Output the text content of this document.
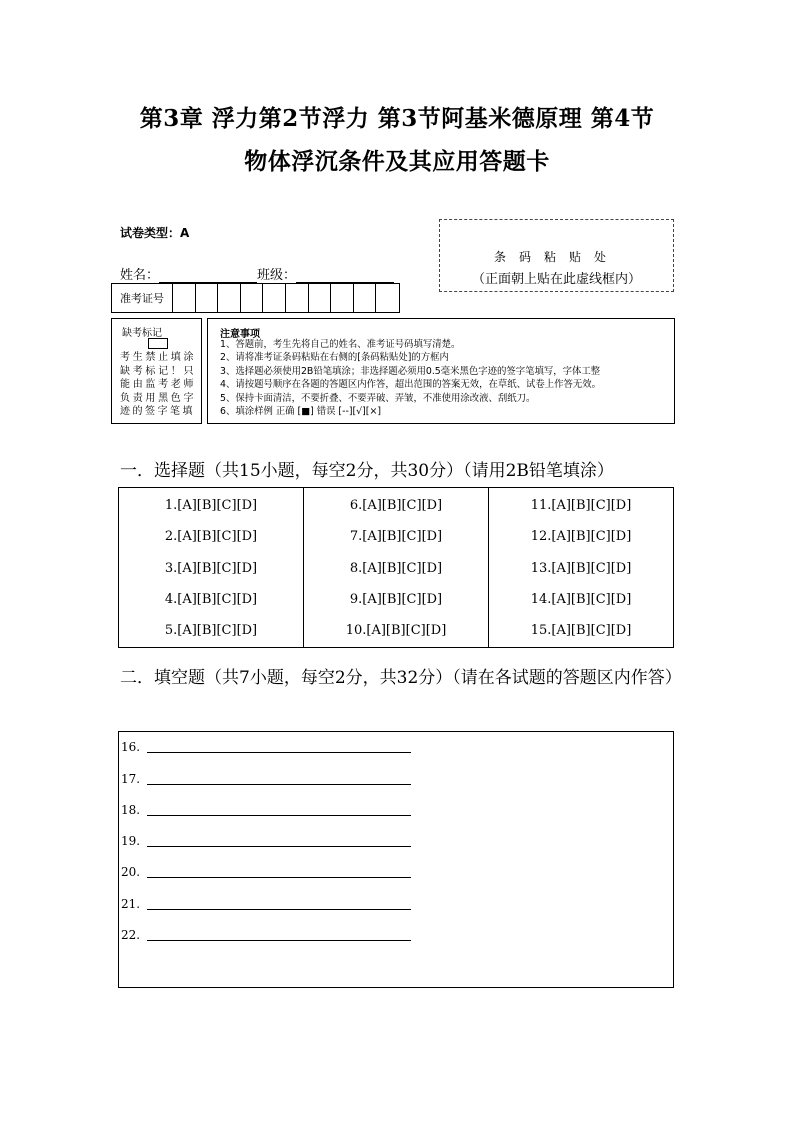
第3章 浮力第2节浮力 第3节阿基米德原理 第4节
物体浮沉条件及其应用答题卡
试卷类型：A
姓名：	班级：
条码粘贴处
（正面朝上贴在此虚线框内）
准考证号
缺考标记
考生禁止填涂缺考标记！只能由监考老师负责用黑色字迹的签字笔填
注意事项
1、答题前，考生先将自己的姓名、准考证号码填写清楚。
2、请将准考证条码粘贴在右侧的[条码粘贴处]的方框内
3、选择题必须使用2B铅笔填涂；非选择题必须用0.5毫米黑色字迹的签字笔填写，字体工整
4、请按题号顺序在各题的答题区内作答，超出范围的答案无效，在草纸、试卷上作答无效。
5、保持卡面清洁，不要折叠、不要弄破、弄皱，不准使用涂改液、刮纸刀。
6、填涂样例 正确 [■] 错误 [--][√][×]
一．选择题（共15小题，每空2分，共30分）（请用2B铅笔填涂）
1.[A][B][C][D]
2.[A][B][C][D]
3.[A][B][C][D]
4.[A][B][C][D]
5.[A][B][C][D]
6.[A][B][C][D]
7.[A][B][C][D]
8.[A][B][C][D]
9.[A][B][C][D]
10.[A][B][C][D]
11.[A][B][C][D]
12.[A][B][C][D]
13.[A][B][C][D]
14.[A][B][C][D]
15.[A][B][C][D]
二．填空题（共7小题，每空2分，共32分）（请在各试题的答题区内作答）
16.
17.
18.
19.
20.
21.
22.
